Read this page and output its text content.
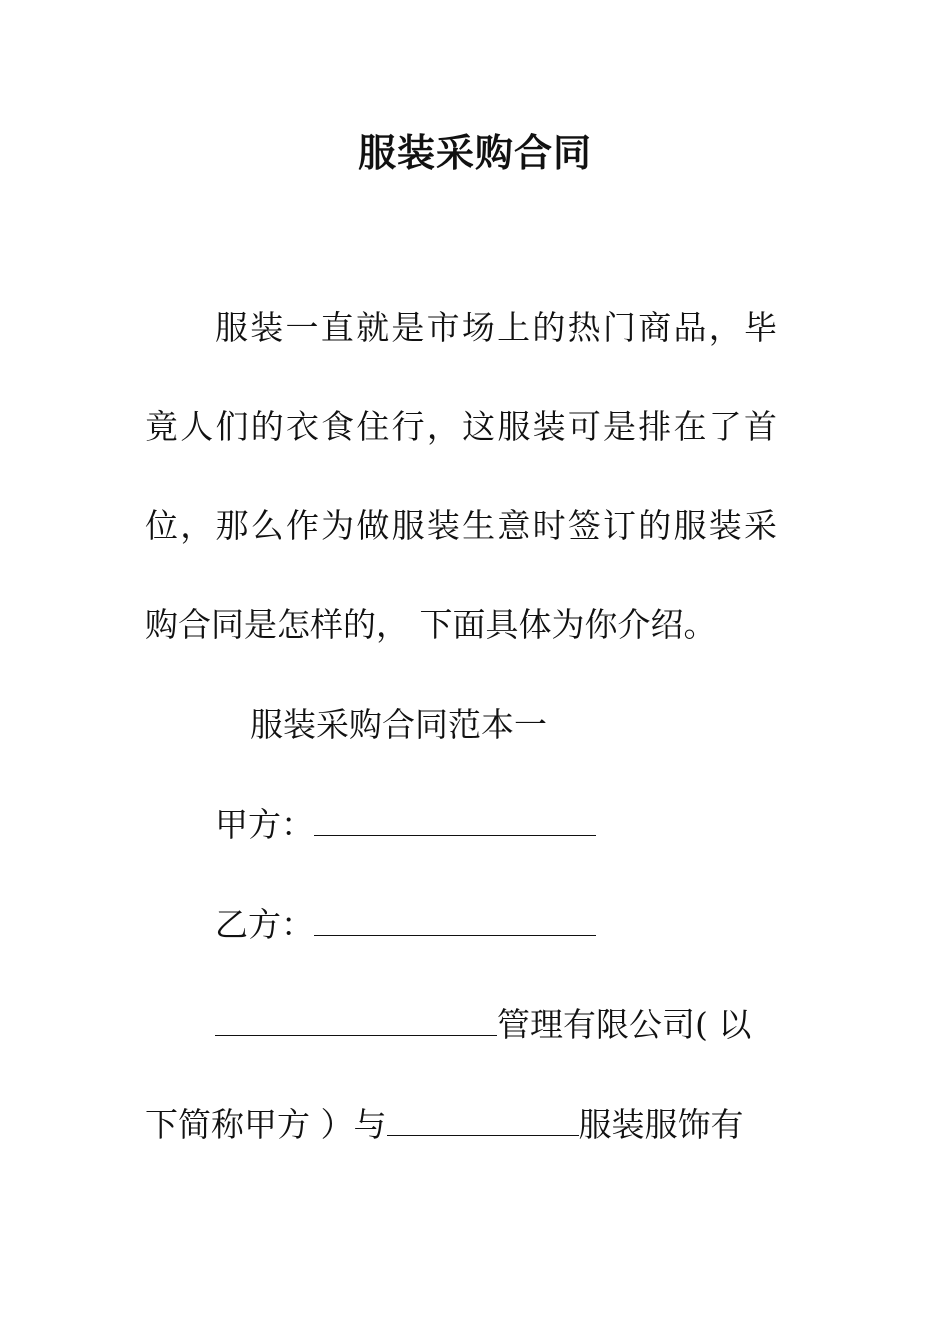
服装采购合同
服装一直就是市场上的热门商品，毕
竟人们的衣食住行，这服装可是排在了首
位，那么作为做服装生意时签订的服装采
购合同是怎样的， 下面具体为你介绍。
服装采购合同范本一
甲方：
乙方：
管理有限公司( 以
下简称甲方 ）与	服装服饰有
